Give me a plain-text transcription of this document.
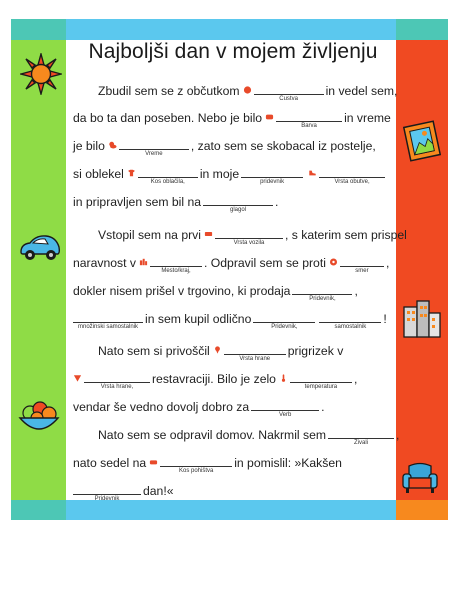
Najboljši dan v mojem življenju
Zbudil sem se z občutkom
Čustva
in vedel sem,
da bo ta dan poseben. Nebo je bilo
Barva
in vreme
je bilo
Vreme
, zato sem se skobacal iz postelje,
si oblekel
Kos oblačila,
in moje
pridevnik	Vrsta obutve,
in pripravljen sem bil na
glagol
.
Vstopil sem na prvi
Vrsta vozila
, s katerim sem prispel
naravnost v
Mesto/kraj,
. Odpravil sem se proti
smer
,
dokler nisem prišel v trgovino, ki prodaja
Pridevnik,
,
množinski samostalnik
in sem kupil odlično
Pridevnik,	samostalnik
!
Nato sem si privoščil
Vrsta hrane
prigrizek v
Vrsta hrane,
restavraciji. Bilo je zelo
temperatura
,
vendar še vedno dovolj dobro za
Verb
.
Nato sem se odpravil domov. Nakrmil sem
Živali
,
nato sedel na
Kos pohištva
in pomislil: »Kakšen
Pridevnik
dan!«
